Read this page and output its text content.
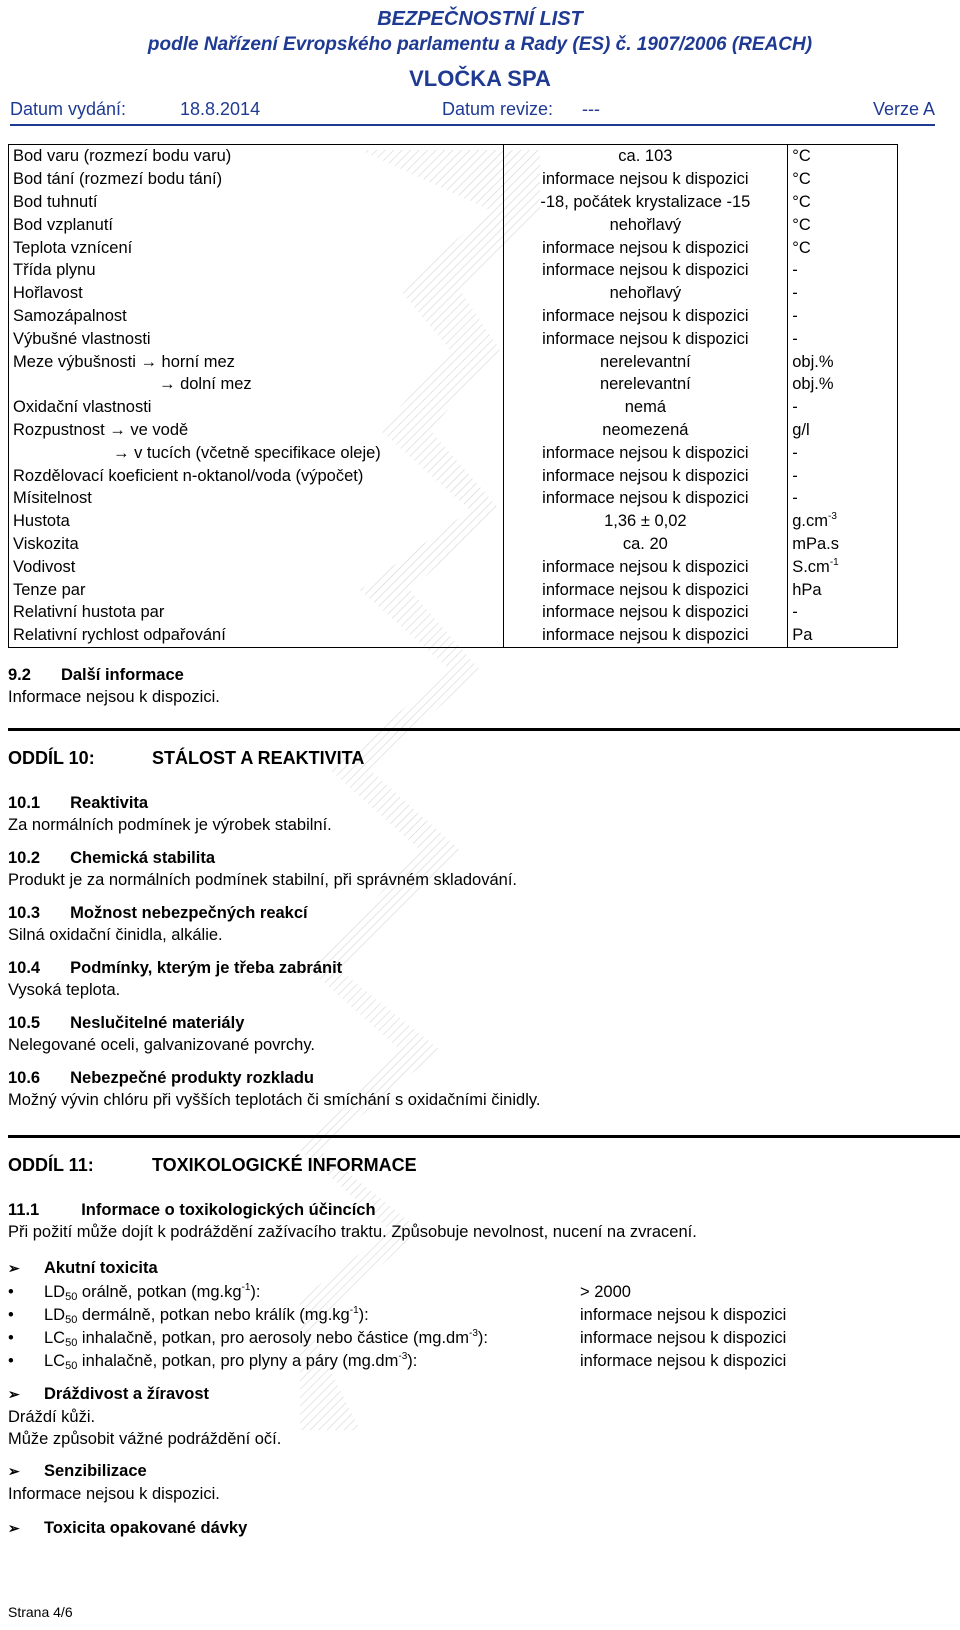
BEZPEČNOSTNÍ LIST
podle Nařízení Evropského parlamentu a Rady (ES) č. 1907/2006 (REACH)
VLOČKA SPA
Datum vydání:	18.8.2014	Datum revize: ---	Verze A
Bod varu (rozmezí bodu varu)	ca. 103	°C
Bod tání (rozmezí bodu tání)	informace nejsou k dispozici	°C
Bod tuhnutí	-18, počátek krystalizace -15	°C
Bod vzplanutí	nehořlavý	°C
Teplota vznícení	informace nejsou k dispozici	°C
Třída plynu	informace nejsou k dispozici	-
Hořlavost	nehořlavý	-
Samozápalnost	informace nejsou k dispozici	-
Výbušné vlastnosti	informace nejsou k dispozici	-
Meze výbušnosti → horní mez	nerelevantní	obj.%
→ dolní mez	nerelevantní	obj.%
Oxidační vlastnosti	nemá	-
Rozpustnost → ve vodě	neomezená	g/l
→ v tucích (včetně specifikace oleje)	informace nejsou k dispozici	-
Rozdělovací koeficient n-oktanol/voda (výpočet)	informace nejsou k dispozici	-
Mísitelnost	informace nejsou k dispozici	-
Hustota	1,36 ± 0,02	$g.cm^{-3}$
Viskozita	ca. 20	mPa.s
Vodivost	informace nejsou k dispozici	$S.cm^{-1}$
Tenze par	informace nejsou k dispozici	hPa
Relativní hustota par	informace nejsou k dispozici	-
Relativní rychlost odpařování	informace nejsou k dispozici	Pa
9.2 Další informace
Informace nejsou k dispozici.
ODDÍL 10:	STÁLOST A REAKTIVITA
10.1 Reaktivita
Za normálních podmínek je výrobek stabilní.
10.2 Chemická stabilita
Produkt je za normálních podmínek stabilní, při správném skladování.
10.3 Možnost nebezpečných reakcí
Silná oxidační činidla, alkálie.
10.4 Podmínky, kterým je třeba zabránit
Vysoká teplota.
10.5 Neslučitelné materiály
Nelegované oceli, galvanizované povrchy.
10.6 Nebezpečné produkty rozkladu
Možný vývin chlóru při vyšších teplotách či smíchání s oxidačními činidly.
ODDÍL 11:	TOXIKOLOGICKÉ INFORMACE
11.1	Informace o toxikologických účincích
Při požití může dojít k podráždění zažívacího traktu. Způsobuje nevolnost, nucení na zvracení.
➢ Akutní toxicita
• $LD_{50}$ orálně, potkan $(mg.kg^{-1})$:	> 2000
• $LD_{50}$ dermálně, potkan nebo králík $(mg.kg^{-1})$:	informace nejsou k dispozici
• $LC_{50}$ inhalačně, potkan, pro aerosoly nebo částice $(mg.dm^{-3})$:	informace nejsou k dispozici
• $LC_{50}$ inhalačně, potkan, pro plyny a páry $(mg.dm^{-3})$:	informace nejsou k dispozici
➢ Dráždivost a žíravost
Dráždí kůži.
Může způsobit vážné podráždění očí.
➢ Senzibilizace
Informace nejsou k dispozici.
➢ Toxicita opakované dávky
Strana 4/6
